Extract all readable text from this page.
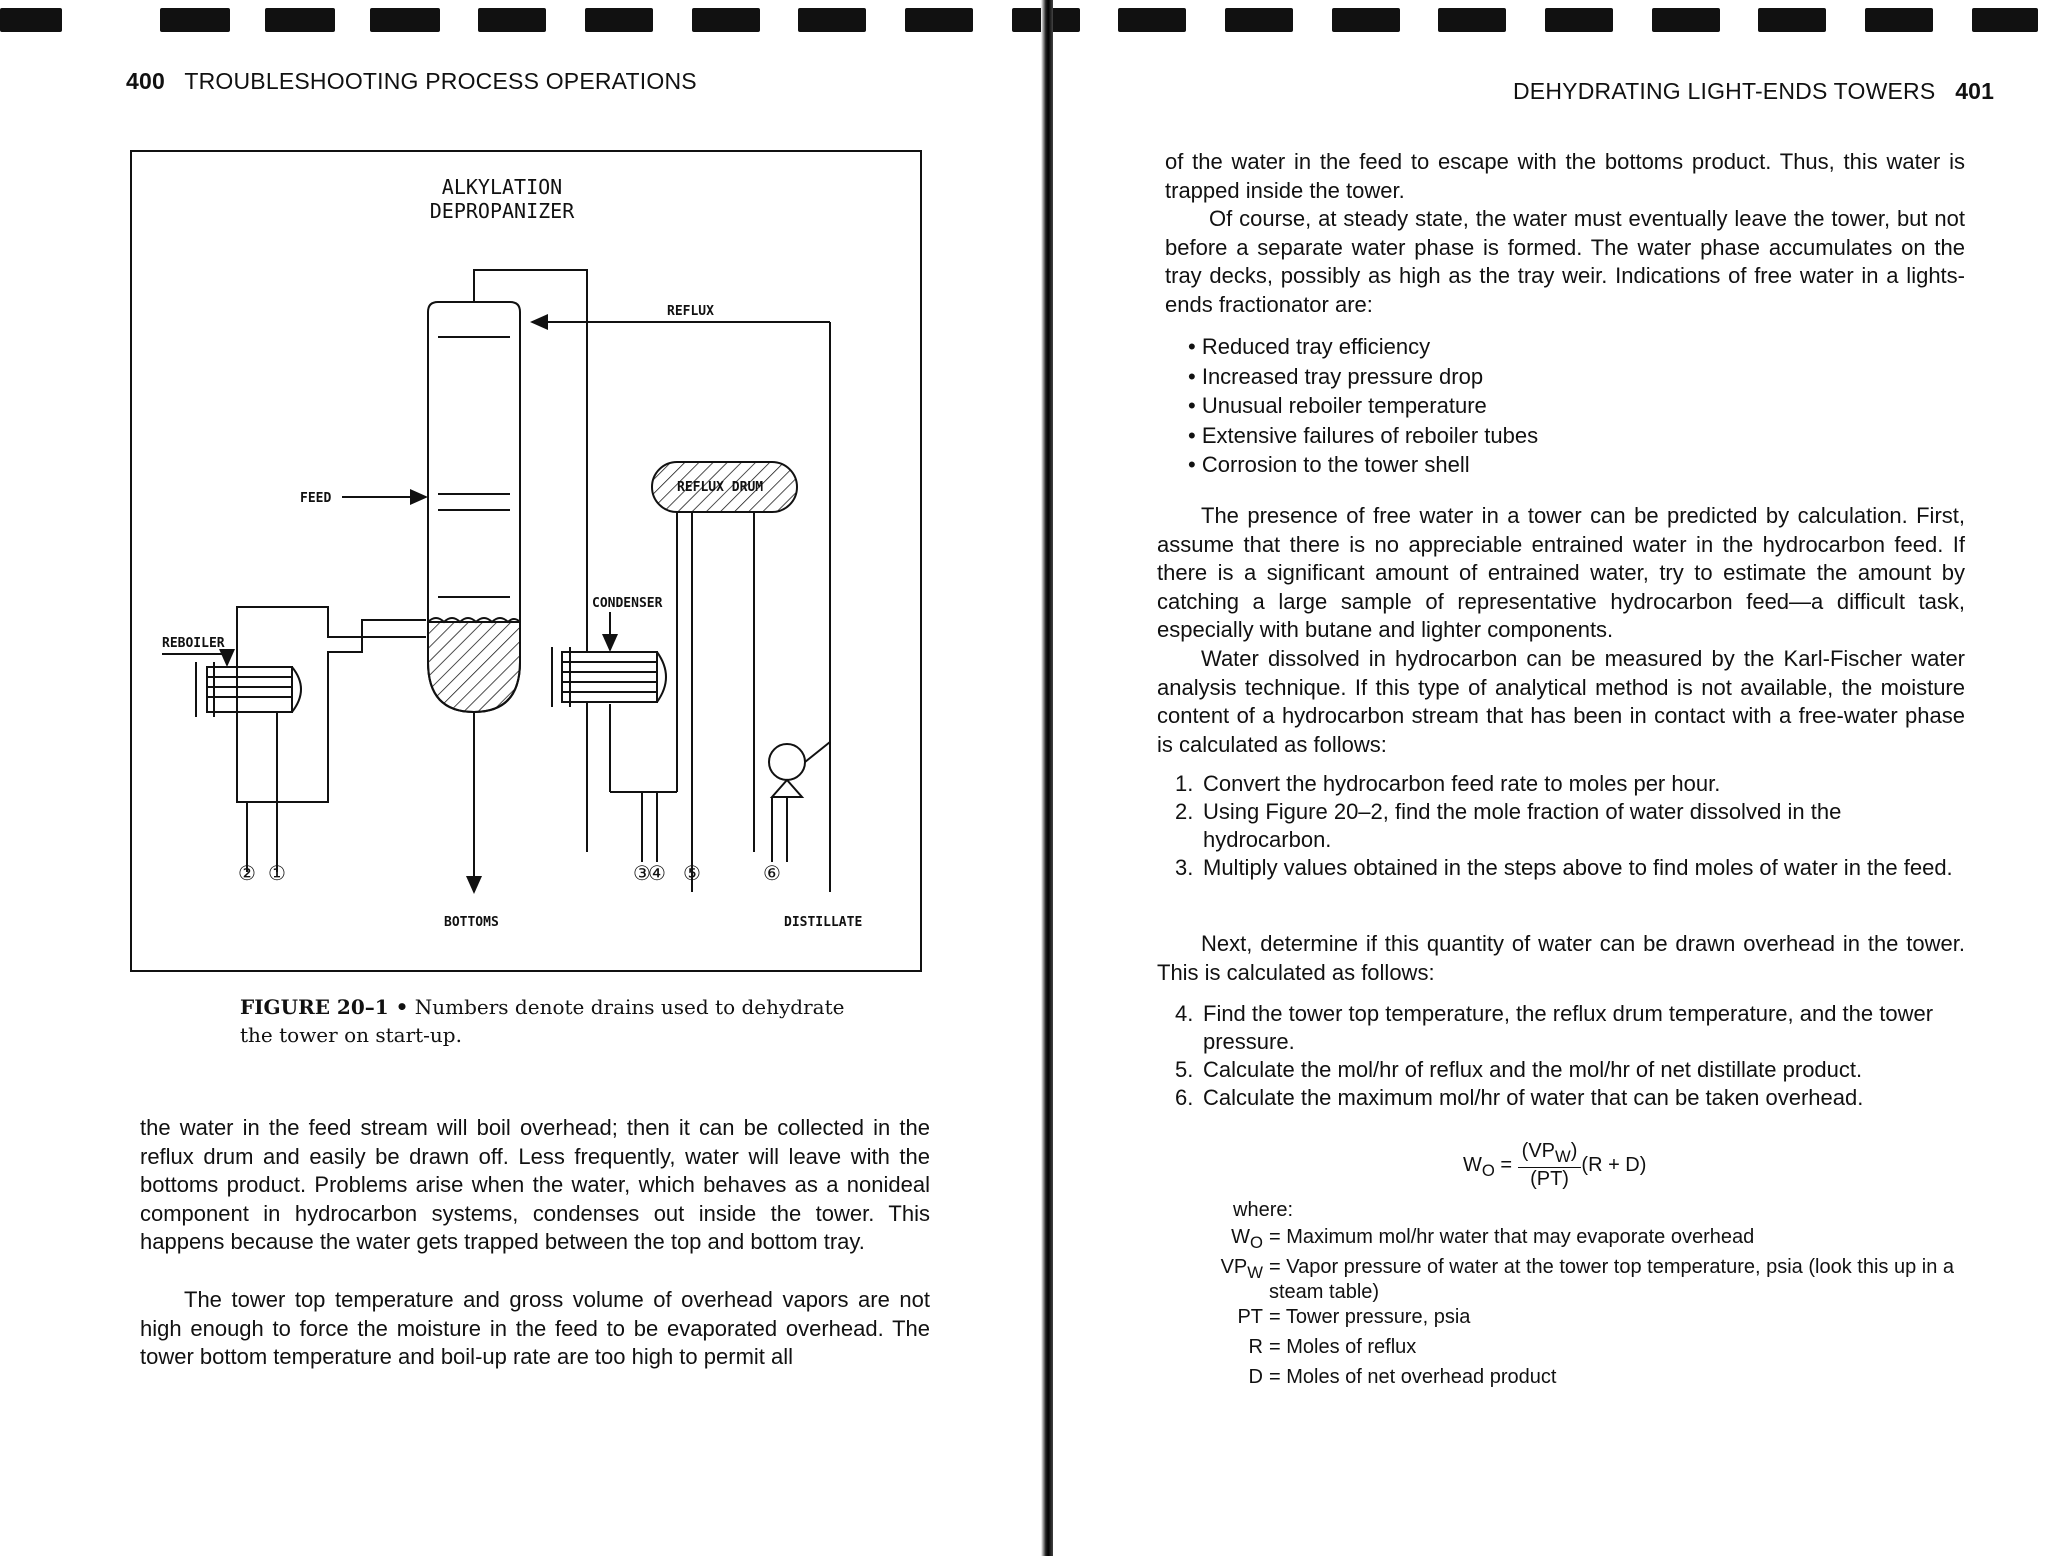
400 TROUBLESHOOTING PROCESS OPERATIONS
ALKYLATION
DEPROPANIZER
REFLUX
REFLUX DRUM
FEED
CONDENSER
REBOILER
BOTTOMS	DISTILLATE
② ①	③
④ ⑤	⑥
FIGURE 20–1 • Numbers denote drains used to dehydrate the tower on start-up.
the water in the feed stream will boil overhead; then it can be collected in the reflux drum and easily be drawn off. Less frequently, water will leave with the bottoms product. Problems arise when the water, which behaves as a nonideal component in hydrocarbon systems, condenses out inside the tower. This happens because the water gets trapped between the top and bottom tray.
The tower top temperature and gross volume of overhead vapors are not high enough to force the moisture in the feed to be evaporated overhead. The tower bottom temperature and boil-up rate are too high to permit all
DEHYDRATING LIGHT-ENDS TOWERS 401
of the water in the feed to escape with the bottoms product. Thus, this water is trapped inside the tower.
Of course, at steady state, the water must eventually leave the tower, but not before a separate water phase is formed. The water phase accumulates on the tray decks, possibly as high as the tray weir. Indications of free water in a lights-ends fractionator are:
• Reduced tray efficiency
• Increased tray pressure drop
• Unusual reboiler temperature
• Extensive failures of reboiler tubes
• Corrosion to the tower shell
The presence of free water in a tower can be predicted by calculation. First, assume that there is no appreciable entrained water in the hydrocarbon feed. If there is a significant amount of entrained water, try to estimate the amount by catching a large sample of representative hydrocarbon feed—a difficult task, especially with butane and lighter components.
Water dissolved in hydrocarbon can be measured by the Karl-Fischer water analysis technique. If this type of analytical method is not available, the moisture content of a hydrocarbon stream that has been in contact with a free-water phase is calculated as follows:
1. Convert the hydrocarbon feed rate to moles per hour.
2. Using Figure 20–2, find the mole fraction of water dissolved in the hydrocarbon.
3. Multiply values obtained in the steps above to find moles of water in the feed.
Next, determine if this quantity of water can be drawn overhead in the tower. This is calculated as follows:
4. Find the tower top temperature, the reflux drum temperature, and the tower pressure.
5. Calculate the mol/hr of reflux and the mol/hr of net distillate product.
6. Calculate the maximum mol/hr of water that can be taken overhead.
$W_O$ =
$(VP_W)$
(PT)
(R + D)
where:
$W_O$ = Maximum mol/hr water that may evaporate overhead
$VP_W$ = Vapor pressure of water at the tower top temperature, psia (look this up in a steam table)
PT = Tower pressure, psia
R = Moles of reflux
D = Moles of net overhead product
